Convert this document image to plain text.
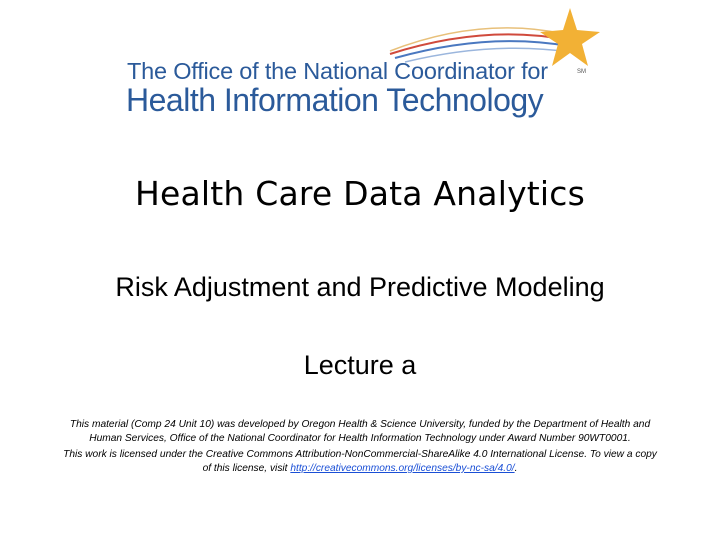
The Office of the National Coordinator for
Health Information Technology
SM
Health Care Data Analytics
Risk Adjustment and Predictive Modeling
Lecture a

This material (Comp 24 Unit 10) was developed by Oregon Health & Science University, funded by the Department of Health and Human Services, Office of the National Coordinator for Health Information Technology under Award Number 90WT0001.

This work is licensed under the Creative Commons Attribution-NonCommercial-ShareAlike 4.0 International License. To view a copy of this license, visit http://creativecommons.org/licenses/by-nc-sa/4.0/.
